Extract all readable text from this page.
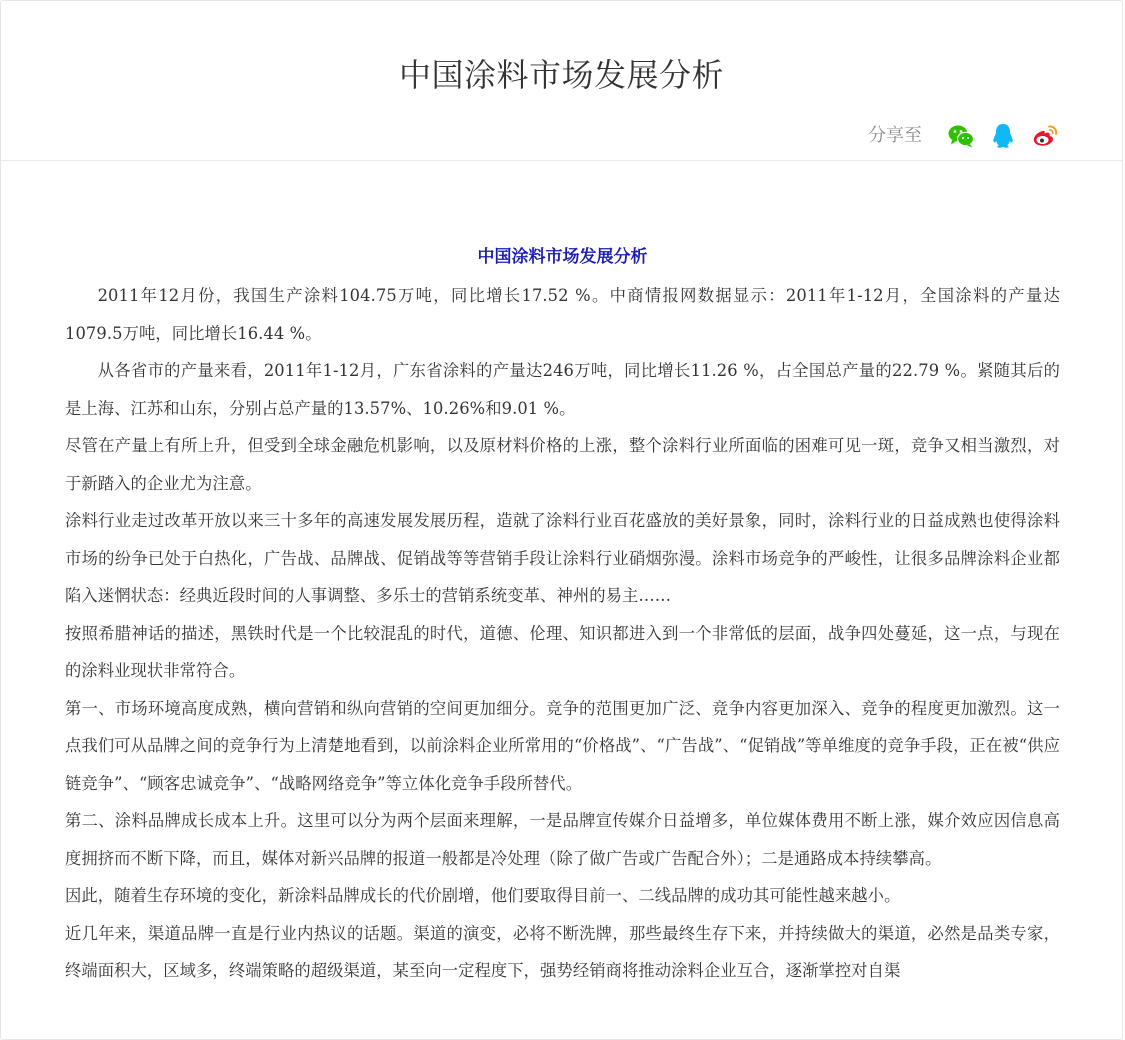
中国涂料市场发展分析
分享至
中国涂料市场发展分析

2011年12月份，我国生产涂料104.75万吨，同比增长17.52 %。中商情报网数据显示：2011年1-12月，全国涂料的产量达1079.5万吨，同比增长16.44 %。

从各省市的产量来看，2011年1-12月，广东省涂料的产量达246万吨，同比增长11.26 %，占全国总产量的22.79 %。紧随其后的是上海、江苏和山东，分别占总产量的13.57%、10.26%和9.01 %。

尽管在产量上有所上升，但受到全球金融危机影响，以及原材料价格的上涨，整个涂料行业所面临的困难可见一斑，竞争又相当激烈，对于新踏入的企业尤为注意。

涂料行业走过改革开放以来三十多年的高速发展发展历程，造就了涂料行业百花盛放的美好景象，同时，涂料行业的日益成熟也使得涂料市场的纷争已处于白热化，广告战、品牌战、促销战等等营销手段让涂料行业硝烟弥漫。涂料市场竞争的严峻性，让很多品牌涂料企业都陷入迷惘状态：经典近段时间的人事调整、多乐士的营销系统变革、神州的易主……

按照希腊神话的描述，黑铁时代是一个比较混乱的时代，道德、伦理、知识都进入到一个非常低的层面，战争四处蔓延，这一点，与现在的涂料业现状非常符合。

第一、市场环境高度成熟，横向营销和纵向营销的空间更加细分。竞争的范围更加广泛、竞争内容更加深入、竞争的程度更加激烈。这一点我们可从品牌之间的竞争行为上清楚地看到，以前涂料企业所常用的“价格战”、“广告战”、“促销战”等单维度的竞争手段，正在被“供应链竞争”、“顾客忠诚竞争”、“战略网络竞争”等立体化竞争手段所替代。

第二、涂料品牌成长成本上升。这里可以分为两个层面来理解，一是品牌宣传媒介日益增多，单位媒体费用不断上涨，媒介效应因信息高度拥挤而不断下降，而且，媒体对新兴品牌的报道一般都是冷处理（除了做广告或广告配合外）；二是通路成本持续攀高。

因此，随着生存环境的变化，新涂料品牌成长的代价剧增，他们要取得目前一、二线品牌的成功其可能性越来越小。

近几年来，渠道品牌一直是行业内热议的话题。渠道的演变，必将不断洗牌，那些最终生存下来，并持续做大的渠道，必然是品类专家，终端面积大，区域多，终端策略的超级渠道，某至向一定程度下，强势经销商将推动涂料企业互合，逐渐掌控对自渠
